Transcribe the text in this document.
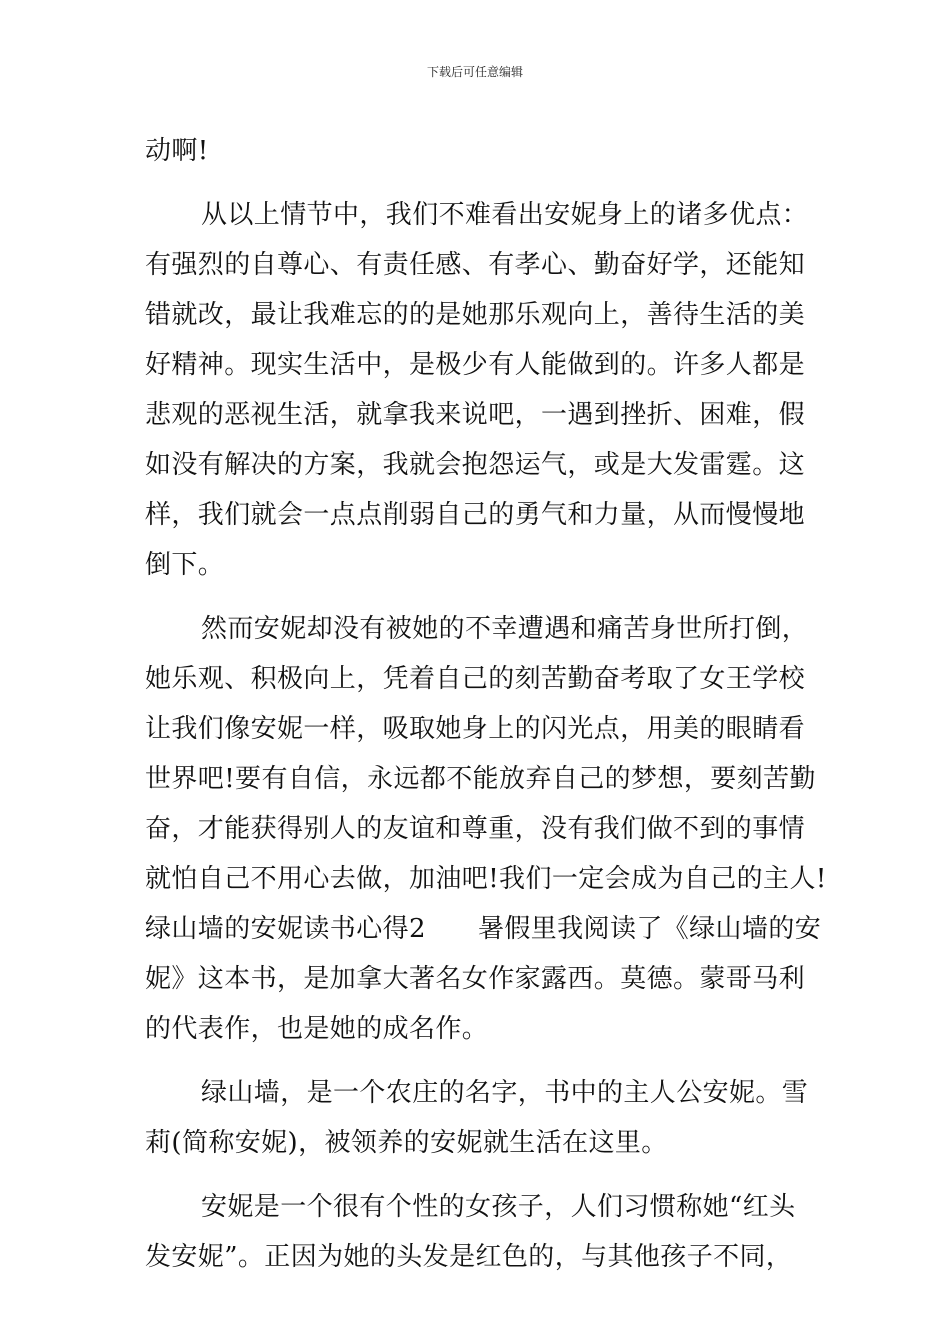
下载后可任意编辑
动啊!
从以上情节中，我们不难看出安妮身上的诸多优点：
有强烈的自尊心、有责任感、有孝心、勤奋好学，还能知
错就改，最让我难忘的的是她那乐观向上，善待生活的美
好精神。现实生活中，是极少有人能做到的。许多人都是
悲观的恶视生活，就拿我来说吧，一遇到挫折、困难，假
如没有解决的方案，我就会抱怨运气，或是大发雷霆。这
样，我们就会一点点削弱自己的勇气和力量，从而慢慢地
倒下。
然而安妮却没有被她的不幸遭遇和痛苦身世所打倒，
她乐观、积极向上，凭着自己的刻苦勤奋考取了女王学校
让我们像安妮一样，吸取她身上的闪光点，用美的眼睛看
世界吧!要有自信，永远都不能放弃自己的梦想，要刻苦勤
奋，才能获得别人的友谊和尊重，没有我们做不到的事情
就怕自己不用心去做，加油吧!我们一定会成为自己的主人!
绿山墙的安妮读书心得2 暑假里我阅读了《绿山墙的安
妮》这本书，是加拿大著名女作家露西。莫德。蒙哥马利
的代表作，也是她的成名作。
绿山墙，是一个农庄的名字，书中的主人公安妮。雪
莉(简称安妮)，被领养的安妮就生活在这里。
安妮是一个很有个性的女孩子，人们习惯称她“红头
发安妮”。正因为她的头发是红色的，与其他孩子不同，
